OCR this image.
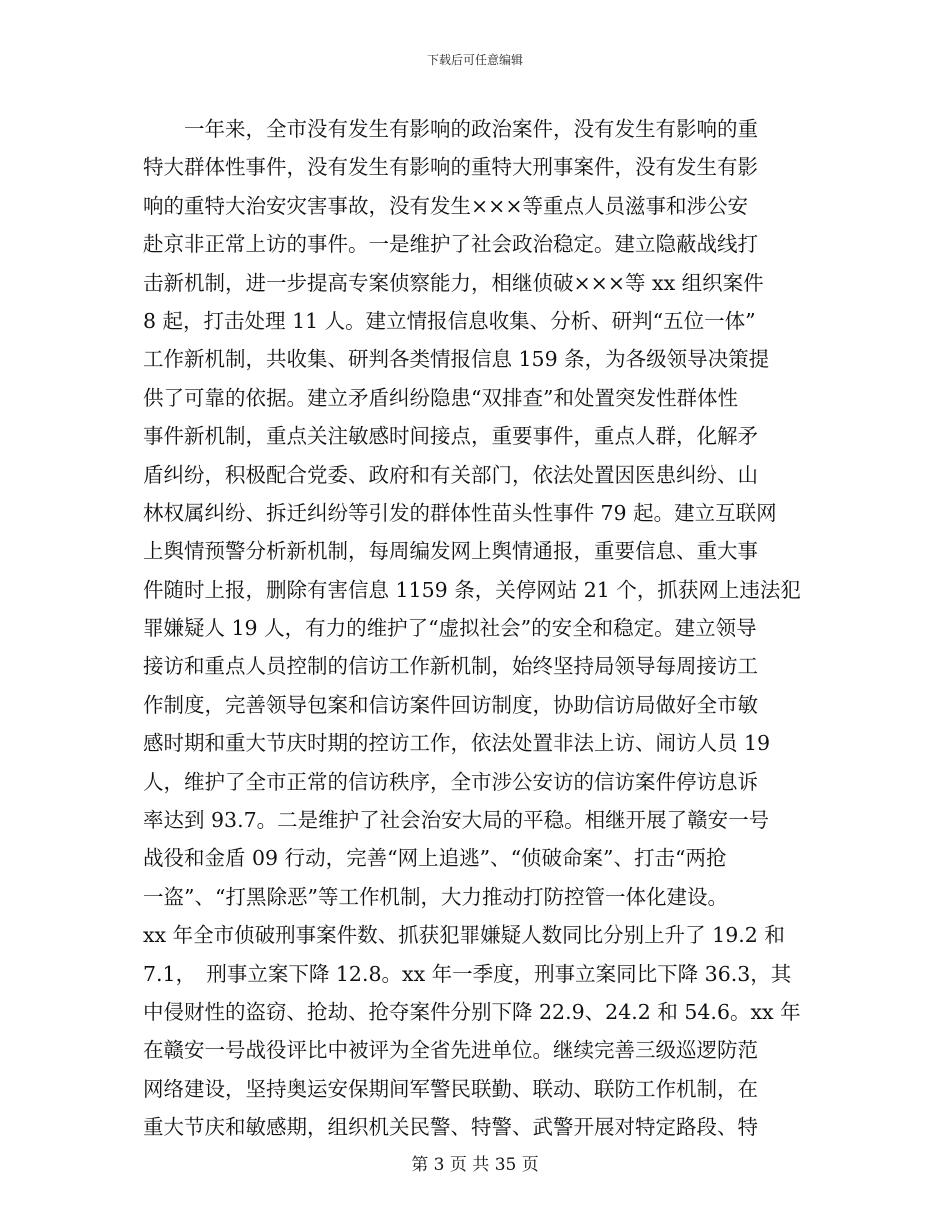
下载后可任意编辑
　　一年来，全市没有发生有影响的政治案件，没有发生有影响的重
特大群体性事件，没有发生有影响的重特大刑事案件，没有发生有影
响的重特大治安灾害事故，没有发生×××等重点人员滋事和涉公安
赴京非正常上访的事件。一是维护了社会政治稳定。建立隐蔽战线打
击新机制，进一步提高专案侦察能力，相继侦破×××等 xx 组织案件
8 起，打击处理 11 人。建立情报信息收集、分析、研判“五位一体”
工作新机制，共收集、研判各类情报信息 159 条，为各级领导决策提
供了可靠的依据。建立矛盾纠纷隐患“双排查”和处置突发性群体性
事件新机制，重点关注敏感时间接点，重要事件，重点人群，化解矛
盾纠纷，积极配合党委、政府和有关部门，依法处置因医患纠纷、山
林权属纠纷、拆迁纠纷等引发的群体性苗头性事件 79 起。建立互联网
上舆情预警分析新机制，每周编发网上舆情通报，重要信息、重大事
件随时上报，删除有害信息 1159 条，关停网站 21 个，抓获网上违法犯
罪嫌疑人 19 人，有力的维护了“虚拟社会”的安全和稳定。建立领导
接访和重点人员控制的信访工作新机制，始终坚持局领导每周接访工
作制度，完善领导包案和信访案件回访制度，协助信访局做好全市敏
感时期和重大节庆时期的控访工作，依法处置非法上访、闹访人员 19
人，维护了全市正常的信访秩序，全市涉公安访的信访案件停访息诉
率达到 93.7。二是维护了社会治安大局的平稳。相继开展了赣安一号
战役和金盾 09 行动，完善“网上追逃”、“侦破命案”、打击“两抢
一盗”、“打黑除恶”等工作机制，大力推动打防控管一体化建设。
xx 年全市侦破刑事案件数、抓获犯罪嫌疑人数同比分别上升了 19.2 和
7.1，　刑事立案下降 12.8。xx 年一季度，刑事立案同比下降 36.3，其
中侵财性的盗窃、抢劫、抢夺案件分别下降 22.9、24.2 和 54.6。xx 年
在赣安一号战役评比中被评为全省先进单位。继续完善三级巡逻防范
网络建设，坚持奥运安保期间军警民联勤、联动、联防工作机制，在
重大节庆和敏感期，组织机关民警、特警、武警开展对特定路段、特
第 3 页 共 35 页
